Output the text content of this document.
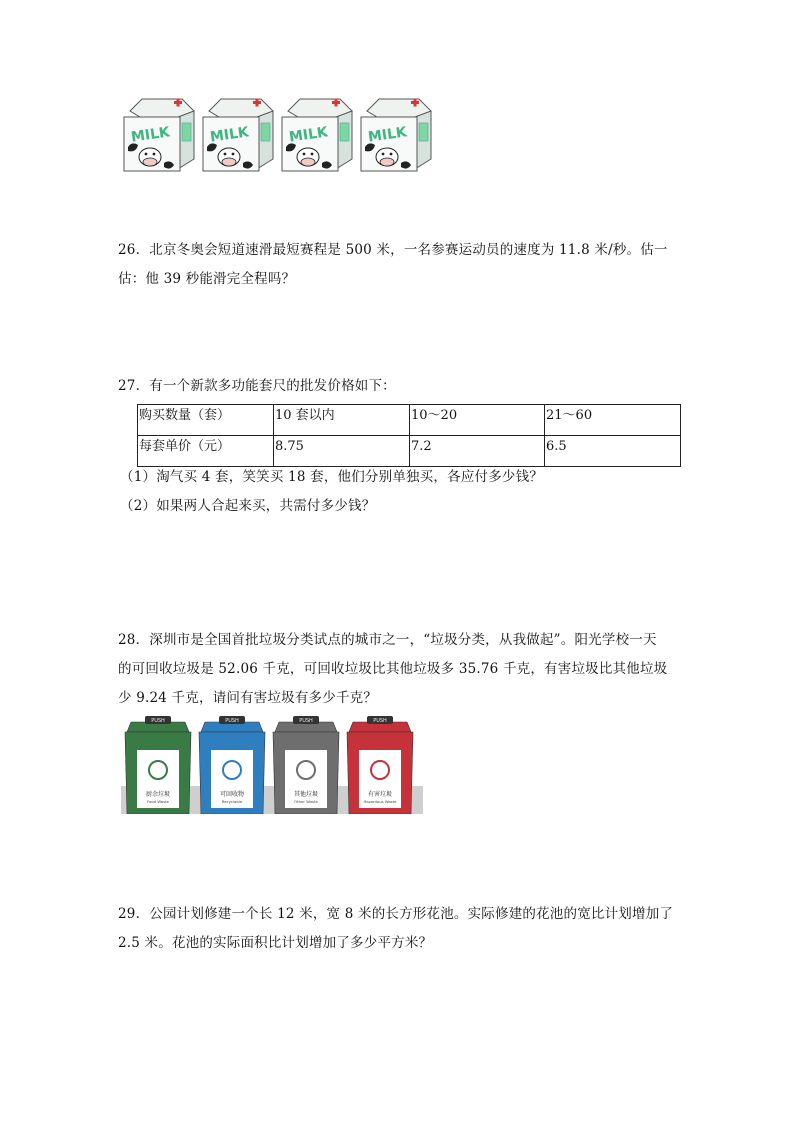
MILK	MILK	MILK	MILK
26．北京冬奥会短道速滑最短赛程是 500 米，一名参赛运动员的速度为 11.8 米/秒。估一
估：他 39 秒能滑完全程吗？
27．有一个新款多功能套尺的批发价格如下：
购买数量（套）	10 套以内	10～20	21～60
每套单价（元）	8.75	7.2	6.5
（1）淘气买 4 套，笑笑买 18 套，他们分别单独买，各应付多少钱？
（2）如果两人合起来买，共需付多少钱？
28．深圳市是全国首批垃圾分类试点的城市之一，“垃圾分类，从我做起”。阳光学校一天
的可回收垃圾是 52.06 千克，可回收垃圾比其他垃圾多 35.76 千克，有害垃圾比其他垃圾
少 9.24 千克，请问有害垃圾有多少千克？
PUSH
厨余垃圾
Food Waste
PUSH
可回收物
Recyclable
PUSH
其他垃圾
Other Waste
PUSH
有害垃圾
Hazardous Waste
29．公园计划修建一个长 12 米，宽 8 米的长方形花池。实际修建的花池的宽比计划增加了
2.5 米。花池的实际面积比计划增加了多少平方米？
